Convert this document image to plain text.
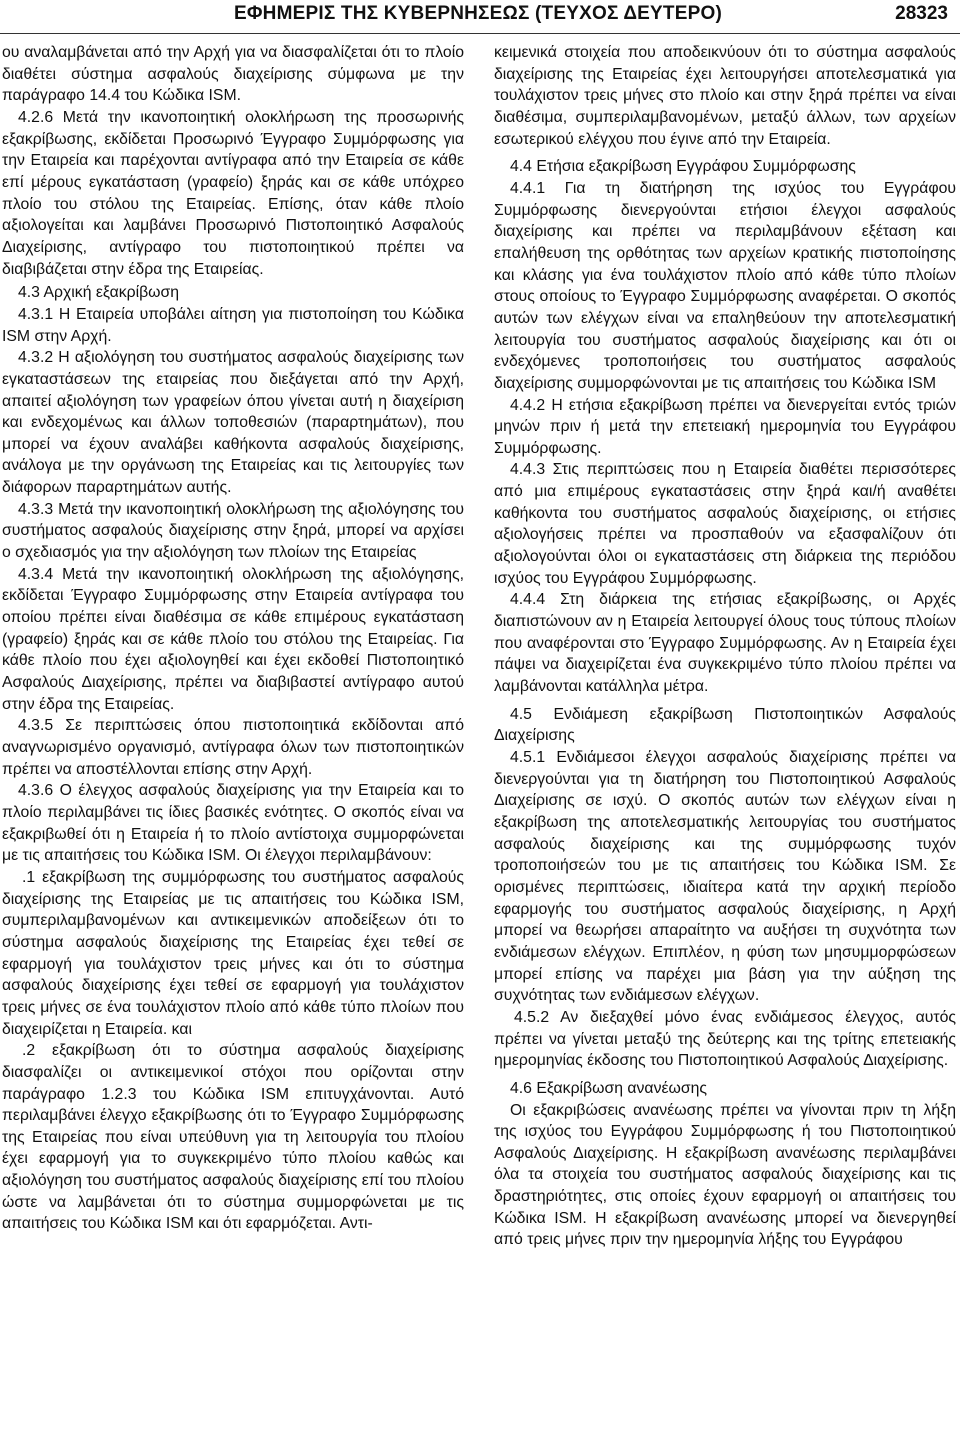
ΕΦΗΜΕΡΙΣ ΤΗΣ ΚΥΒΕΡΝΗΣΕΩΣ (ΤΕΥΧΟΣ ΔΕΥΤΕΡΟ)	28323

ου αναλαμβάνεται από την Αρχή για να διασφαλίζεται ότι το πλοίο διαθέτει σύστημα ασφαλούς διαχείρισης σύμφωνα με την παράγραφο 14.4 του Κώδικα ISM.

4.2.6 Μετά την ικανοποιητική ολοκλήρωση της προσωρινής εξακρίβωσης, εκδίδεται Προσωρινό Έγγραφο Συμμόρφωσης για την Εταιρεία και παρέχονται αντίγραφα από την Εταιρεία σε κάθε επί μέρους εγκατάσταση (γραφείο) ξηράς και σε κάθε υπόχρεο πλοίο του στόλου της Εταιρείας. Επίσης, όταν κάθε πλοίο αξιολογείται και λαμβάνει Προσωρινό Πιστοποιητικό Ασφαλούς Διαχείρισης, αντίγραφο του πιστοποιητικού πρέπει να διαβιβάζεται στην έδρα της Εταιρείας.

4.3 Αρχική εξακρίβωση

4.3.1 Η Εταιρεία υποβάλει αίτηση για πιστοποίηση του Κώδικα ISM στην Αρχή.

4.3.2 Η αξιολόγηση του συστήματος ασφαλούς διαχείρισης των εγκαταστάσεων της εταιρείας που διεξάγεται από την Αρχή, απαιτεί αξιολόγηση των γραφείων όπου γίνεται αυτή η διαχείριση και ενδεχομένως και άλλων τοποθεσιών (παραρτημάτων), που μπορεί να έχουν αναλάβει καθήκοντα ασφαλούς διαχείρισης, ανάλογα με την οργάνωση της Εταιρείας και τις λειτουργίες των διάφορων παραρτημάτων αυτής.

4.3.3 Μετά την ικανοποιητική ολοκλήρωση της αξιολόγησης του συστήματος ασφαλούς διαχείρισης στην ξηρά, μπορεί να αρχίσει ο σχεδιασμός για την αξιολόγηση των πλοίων της Εταιρείας

4.3.4 Μετά την ικανοποιητική ολοκλήρωση της αξιολόγησης, εκδίδεται Έγγραφο Συμμόρφωσης στην Εταιρεία αντίγραφα του οποίου πρέπει είναι διαθέσιμα σε κάθε επιμέρους εγκατάσταση (γραφείο) ξηράς και σε κάθε πλοίο του στόλου της Εταιρείας. Για κάθε πλοίο που έχει αξιολογηθεί και έχει εκδοθεί Πιστοποιητικό Ασφαλούς Διαχείρισης, πρέπει να διαβιβαστεί αντίγραφο αυτού στην έδρα της Εταιρείας.

4.3.5 Σε περιπτώσεις όπου πιστοποιητικά εκδίδονται από αναγνωρισμένο οργανισμό, αντίγραφα όλων των πιστοποιητικών πρέπει να αποστέλλονται επίσης στην Αρχή.

4.3.6 Ο έλεγχος ασφαλούς διαχείρισης για την Εταιρεία και το πλοίο περιλαμβάνει τις ίδιες βασικές ενότητες. Ο σκοπός είναι να εξακριβωθεί ότι η Εταιρεία ή το πλοίο αντίστοιχα συμμορφώνεται με τις απαιτήσεις του Κώδικα ISM. Οι έλεγχοι περιλαμβάνουν:

.1 εξακρίβωση της συμμόρφωσης του συστήματος ασφαλούς διαχείρισης της Εταιρείας με τις απαιτήσεις του Κώδικα ISM, συμπεριλαμβανομένων και αντικειμενικών αποδείξεων ότι το σύστημα ασφαλούς διαχείρισης της Εταιρείας έχει τεθεί σε εφαρμογή για τουλάχιστον τρεις μήνες και ότι το σύστημα ασφαλούς διαχείρισης έχει τεθεί σε εφαρμογή για τουλάχιστον τρεις μήνες σε ένα τουλάχιστον πλοίο από κάθε τύπο πλοίων που διαχειρίζεται η Εταιρεία. και

.2 εξακρίβωση ότι το σύστημα ασφαλούς διαχείρισης διασφαλίζει οι αντικειμενικοί στόχοι που ορίζονται στην παράγραφο 1.2.3 του Κώδικα ISM επιτυγχάνονται. Αυτό περιλαμβάνει έλεγχο εξακρίβωσης ότι το Έγγραφο Συμμόρφωσης της Εταιρείας που είναι υπεύθυνη για τη λειτουργία του πλοίου έχει εφαρμογή για το συγκεκριμένο τύπο πλοίου καθώς και αξιολόγηση του συστήματος ασφαλούς διαχείρισης επί του πλοίου ώστε να λαμβάνεται ότι το σύστημα συμμορφώνεται με τις απαιτήσεις του Κώδικα ISM και ότι εφαρμόζεται. Αντι-

κειμενικά στοιχεία που αποδεικνύουν ότι το σύστημα ασφαλούς διαχείρισης της Εταιρείας έχει λειτουργήσει αποτελεσματικά για τουλάχιστον τρεις μήνες στο πλοίο και στην ξηρά πρέπει να είναι διαθέσιμα, συμπεριλαμβανομένων, μεταξύ άλλων, των αρχείων εσωτερικού ελέγχου που έγινε από την Εταιρεία.

4.4 Ετήσια εξακρίβωση Εγγράφου Συμμόρφωσης

4.4.1 Για τη διατήρηση της ισχύος του Εγγράφου Συμμόρφωσης διενεργούνται ετήσιοι έλεγχοι ασφαλούς διαχείρισης και πρέπει να περιλαμβάνουν εξέταση και επαλήθευση της ορθότητας των αρχείων κρατικής πιστοποίησης και κλάσης για ένα τουλάχιστον πλοίο από κάθε τύπο πλοίων στους οποίους το Έγγραφο Συμμόρφωσης αναφέρεται. Ο σκοπός αυτών των ελέγχων είναι να επαληθεύουν την αποτελεσματική λειτουργία του συστήματος ασφαλούς διαχείρισης και ότι οι ενδεχόμενες τροποποιήσεις του συστήματος ασφαλούς διαχείρισης συμμορφώνονται με τις απαιτήσεις του Κώδικα ISM

4.4.2 Η ετήσια εξακρίβωση πρέπει να διενεργείται εντός τριών μηνών πριν ή μετά την επετειακή ημερομηνία του Εγγράφου Συμμόρφωσης.

4.4.3 Στις περιπτώσεις που η Εταιρεία διαθέτει περισσότερες από μια επιμέρους εγκαταστάσεις στην ξηρά και/ή αναθέτει καθήκοντα του συστήματος ασφαλούς διαχείρισης, οι ετήσιες αξιολογήσεις πρέπει να προσπαθούν να εξασφαλίζουν ότι αξιολογούνται όλοι οι εγκαταστάσεις στη διάρκεια της περιόδου ισχύος του Εγγράφου Συμμόρφωσης.

4.4.4 Στη διάρκεια της ετήσιας εξακρίβωσης, οι Αρχές διαπιστώνουν αν η Εταιρεία λειτουργεί όλους τους τύπους πλοίων που αναφέρονται στο Έγγραφο Συμμόρφωσης. Αν η Εταιρεία έχει πάψει να διαχειρίζεται ένα συγκεκριμένο τύπο πλοίου πρέπει να λαμβάνονται κατάλληλα μέτρα.

4.5 Ενδιάμεση εξακρίβωση Πιστοποιητικών Ασφαλούς Διαχείρισης

4.5.1 Ενδιάμεσοι έλεγχοι ασφαλούς διαχείρισης πρέπει να διενεργούνται για τη διατήρηση του Πιστοποιητικού Ασφαλούς Διαχείρισης σε ισχύ. Ο σκοπός αυτών των ελέγχων είναι η εξακρίβωση της αποτελεσματικής λειτουργίας του συστήματος ασφαλούς διαχείρισης και της συμμόρφωσης τυχόν τροποποιήσεών του με τις απαιτήσεις του Κώδικα ISM. Σε ορισμένες περιπτώσεις, ιδιαίτερα κατά την αρχική περίοδο εφαρμογής του συστήματος ασφαλούς διαχείρισης, η Αρχή μπορεί να θεωρήσει απαραίτητο να αυξήσει τη συχνότητα των ενδιάμεσων ελέγχων. Επιπλέον, η φύση των μησυμμορφώσεων μπορεί επίσης να παρέχει μια βάση για την αύξηση της συχνότητας των ενδιάμεσων ελέγχων.

4.5.2 Αν διεξαχθεί μόνο ένας ενδιάμεσος έλεγχος, αυτός πρέπει να γίνεται μεταξύ της δεύτερης και της τρίτης επετειακής ημερομηνίας έκδοσης του Πιστοποιητικού Ασφαλούς Διαχείρισης.

4.6 Εξακρίβωση ανανέωσης

Οι εξακριβώσεις ανανέωσης πρέπει να γίνονται πριν τη λήξη της ισχύος του Εγγράφου Συμμόρφωσης ή του Πιστοποιητικού Ασφαλούς Διαχείρισης. Η εξακρίβωση ανανέωσης περιλαμβάνει όλα τα στοιχεία του συστήματος ασφαλούς διαχείρισης και τις δραστηριότητες, στις οποίες έχουν εφαρμογή οι απαιτήσεις του Κώδικα ISM. Η εξακρίβωση ανανέωσης μπορεί να διενεργηθεί από τρεις μήνες πριν την ημερομηνία λήξης του Εγγράφου
